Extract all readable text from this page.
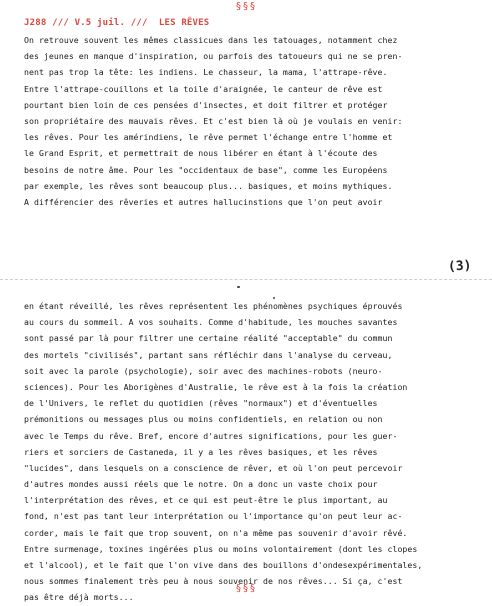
§§§
J288 /// V.5 juil. ///  LES RÊVES
On retrouve souvent les mêmes classicues dans les tatouages, notamment chez
des jeunes en manque d'inspiration, ou parfois des tatoueurs qui ne se pren-
nent pas trop la tête: les indiens. Le chasseur, la mama, l'attrape-rêve.
Entre l'attrape-couillons et la toile d'araignée, le canteur de rêve est
pourtant bien loin de ces pensées d'insectes, et doit filtrer et protéger
son propriétaire des mauvais rêves. Et c'est bien là où je voulais en venir:
les rêves. Pour les amérindiens, le rêve permet l'échange entre l'homme et
le Grand Esprit, et permettrait de nous libérer en étant à l'écoute des
besoins de notre âme. Pour les "occidentaux de base", comme les Européens
par exemple, les rêves sont beaucoup plus... basiques, et moins mythiques.
A différencier des rêveries et autres hallucinstions que l'on peut avoir
(3)
en étant réveillé, les rêves représentent les phénomènes psychiques éprouvés
au cours du sommeil. A vos souhaits. Comme d'habitude, les mouches savantes
sont passé par là pour filtrer une certaine réalité "acceptable" du commun
des mortels "civilisés", partant sans réfléchir dans l'analyse du cerveau,
soit avec la parole (psychologie), soir avec des machines-robots (neuro-
sciences). Pour les Aborigènes d'Australie, le rêve est à la fois la création
de l'Univers, le reflet du quotidien (rêves "normaux") et d'éventuelles
prémonitions ou messages plus ou moins confidentiels, en relation ou non
avec le Temps du rêve. Bref, encore d'autres significations, pour les guer-
riers et sorciers de Castaneda, il y a les rêves basiques, et les rêves
"lucides", dans lesquels on a conscience de rêver, et où l'on peut percevoir
d'autres mondes aussi réels que le notre. On a donc un vaste choix pour
l'interprétation des rêves, et ce qui est peut-être le plus important, au
fond, n'est pas tant leur interprétation ou l'importance qu'on peut leur ac-
corder, mais le fait que trop souvent, on n'a même pas souvenir d'avoir rêvé.
Entre surmenage, toxines ingérées plus ou moins volontairement (dont les clopes
et l'alcool), et le fait que l'on vive dans des bouillons d'ondesexpérimentales,
nous sommes finalement très peu à nous souvenir de nos rêves... Si ça, c'est
pas être déjà morts...
§§§
